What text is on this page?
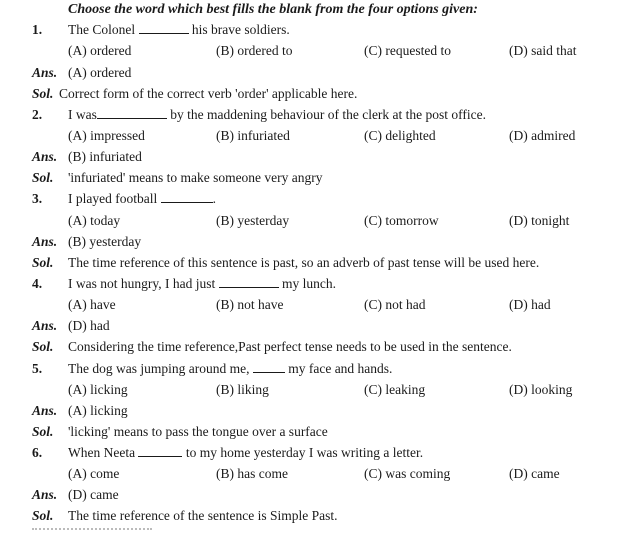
Choose the word which best fills the blank from the four options given:
1. The Colonel	his brave soldiers.
(A) ordered	(B) ordered to	(C) requested to	(D) said that
Ans. (A) ordered
Sol. Correct form of the correct verb 'order' applicable here.
2. I was	by the maddening behaviour of the clerk at the post office.
(A) impressed	(B) infuriated	(C) delighted	(D) admired
Ans. (B) infuriated
Sol. 'infuriated' means to make someone very angry
3. I played football	.
(A) today	(B) yesterday	(C) tomorrow	(D) tonight
Ans. (B) yesterday
Sol. The time reference of this sentence is past, so an adverb of past tense will be used here.
4. I was not hungry, I had just	my lunch.
(A) have	(B) not have	(C) not had	(D) had
Ans. (D) had
Sol. Considering the time reference,Past perfect tense needs to be used in the sentence.
5. The dog was jumping around me,  my face and hands.
(A) licking	(B) liking	(C) leaking	(D) looking
Ans. (A) licking
Sol. 'licking' means to pass the tongue over a surface
6. When Neeta	to my home yesterday I was writing a letter.
(A) come	(B) has come	(C) was coming	(D) came
Ans. (D) came
Sol. The time reference of the sentence is Simple Past.
